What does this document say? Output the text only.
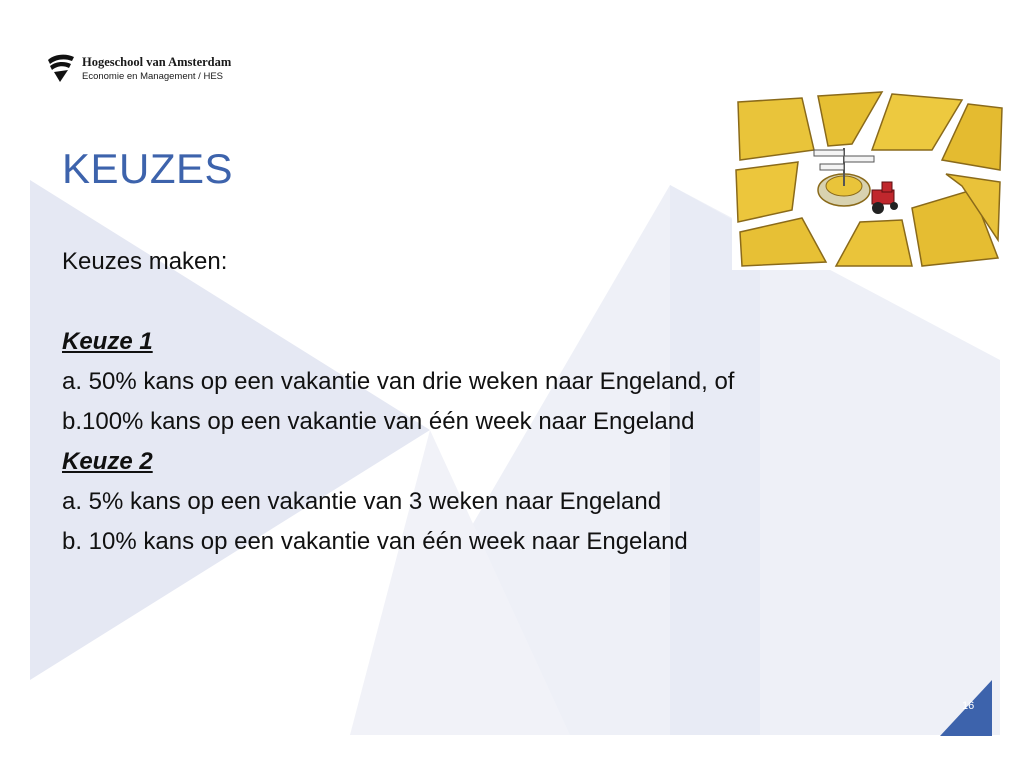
Hogeschool van Amsterdam
Economie en Management / HES
KEUZES
Keuzes maken:
Keuze 1
a. 50% kans op een vakantie van drie weken naar Engeland, of
b.100% kans op een vakantie van één week naar Engeland
Keuze 2
a. 5% kans op een vakantie van 3 weken naar Engeland
b. 10% kans op een vakantie van één week naar Engeland
16
